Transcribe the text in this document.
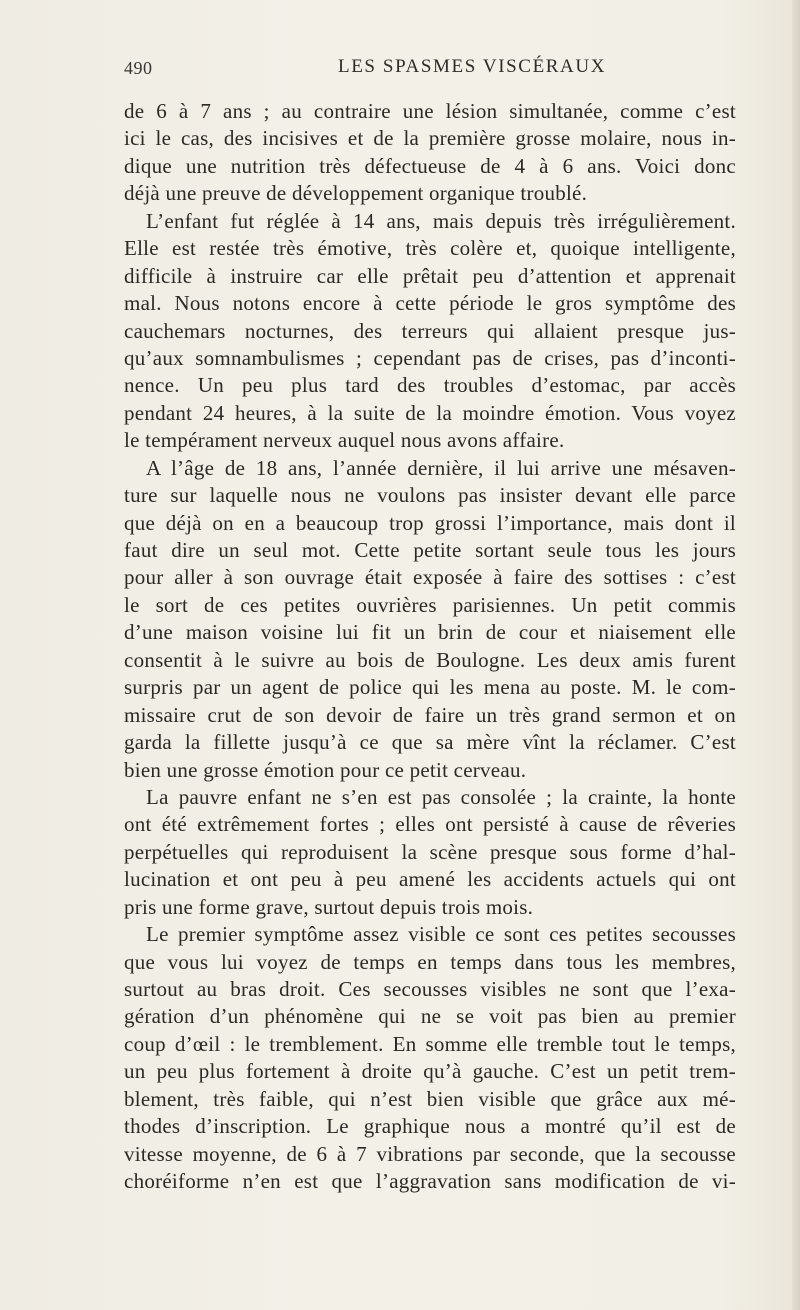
490	LES SPASMES VISCÉRAUX
de 6 à 7 ans ; au contraire une lésion simultanée, comme c’est
ici le cas, des incisives et de la première grosse molaire, nous in-
dique une nutrition très défectueuse de 4 à 6 ans. Voici donc
déjà une preuve de développement organique troublé.
L’enfant fut réglée à 14 ans, mais depuis très irrégulièrement.
Elle est restée très émotive, très colère et, quoique intelligente,
difficile à instruire car elle prêtait peu d’attention et apprenait
mal. Nous notons encore à cette période le gros symptôme des
cauchemars nocturnes, des terreurs qui allaient presque jus-
qu’aux somnambulismes ; cependant pas de crises, pas d’inconti-
nence. Un peu plus tard des troubles d’estomac, par accès
pendant 24 heures, à la suite de la moindre émotion. Vous voyez
le tempérament nerveux auquel nous avons affaire.
A l’âge de 18 ans, l’année dernière, il lui arrive une mésaven-
ture sur laquelle nous ne voulons pas insister devant elle parce
que déjà on en a beaucoup trop grossi l’importance, mais dont il
faut dire un seul mot. Cette petite sortant seule tous les jours
pour aller à son ouvrage était exposée à faire des sottises : c’est
le sort de ces petites ouvrières parisiennes. Un petit commis
d’une maison voisine lui fit un brin de cour et niaisement elle
consentit à le suivre au bois de Boulogne. Les deux amis furent
surpris par un agent de police qui les mena au poste. M. le com-
missaire crut de son devoir de faire un très grand sermon et on
garda la fillette jusqu’à ce que sa mère vînt la réclamer. C’est
bien une grosse émotion pour ce petit cerveau.
La pauvre enfant ne s’en est pas consolée ; la crainte, la honte
ont été extrêmement fortes ; elles ont persisté à cause de rêveries
perpétuelles qui reproduisent la scène presque sous forme d’hal-
lucination et ont peu à peu amené les accidents actuels qui ont
pris une forme grave, surtout depuis trois mois.
Le premier symptôme assez visible ce sont ces petites secousses
que vous lui voyez de temps en temps dans tous les membres,
surtout au bras droit. Ces secousses visibles ne sont que l’exa-
gération d’un phénomène qui ne se voit pas bien au premier
coup d’œil : le tremblement. En somme elle tremble tout le temps,
un peu plus fortement à droite qu’à gauche. C’est un petit trem-
blement, très faible, qui n’est bien visible que grâce aux mé-
thodes d’inscription. Le graphique nous a montré qu’il est de
vitesse moyenne, de 6 à 7 vibrations par seconde, que la secousse
choréiforme n’en est que l’aggravation sans modification de vi-
